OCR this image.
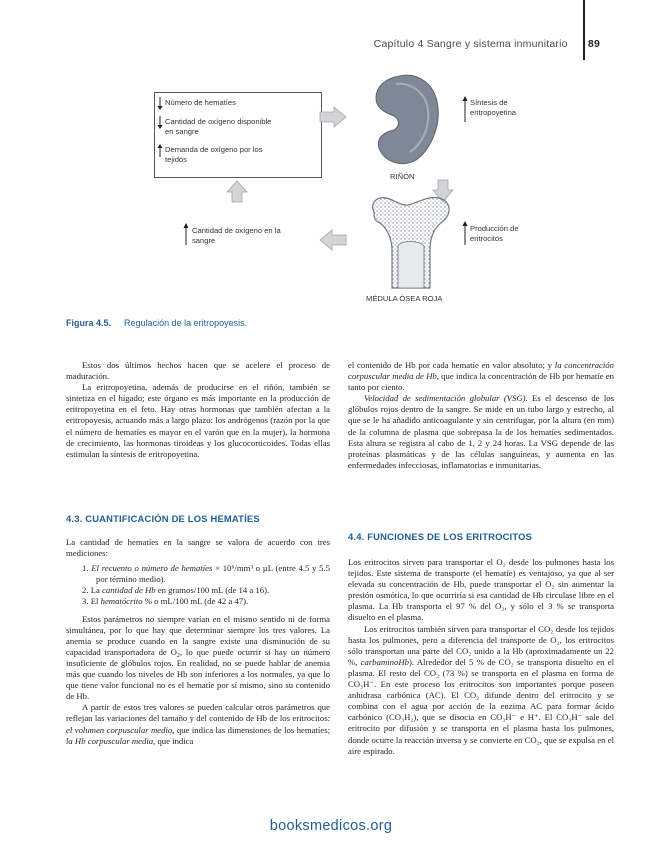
Capítulo 4 Sangre y sistema inmunitario 89
Número de hematíes
Cantidad de oxígeno disponible en sangre
Demanda de oxígeno por los tejidos
RIÑÓN
Síntesis de eritropoyetina
MÉDULA ÓSEA ROJA
Producción de eritrocitos
Cantidad de oxígeno en la sangre
Figura 4.5. Regulación de la eritropoyesis.

Estos dos últimos hechos hacen que se acelere el proceso de maduración.

La eritropoyetina, además de producirse en el riñón, también se sintetiza en el hígado; este órgano es más importante en la producción de eritropoyetina en el feto. Hay otras hormonas que también afectan a la eritropoyesis, actuando más a largo plazo: los andrógenos (razón por la que el número de hematíes es mayor en el varón que en la mujer), la hormona de crecimiento, las hormonas tiroideas y los glucocorticoides. Todas ellas estimulan la síntesis de eritropoyetina.

4.3. CUANTIFICACIÓN DE LOS HEMATÍES

La cantidad de hematíes en la sangre se valora de acuerdo con tres mediciones:

1. El recuento o número de hematíes × 10⁶/mm³ o µL (entre 4.5 y 5.5 por término medio).
2. La cantidad de Hb en gramos/100 mL (de 14 a 16).
3. El hematócrito % o mL/100 mL (de 42 a 47).

Estos parámetros no siempre varían en el mismo sentido ni de forma simultánea, por lo que hay que determinar siempre los tres valores. La anemia se produce cuando en la sangre existe una disminución de su capacidad transportadora de $O_2$, lo que puede ocurrir si hay un número insuficiente de glóbulos rojos. En realidad, no se puede hablar de anemia más que cuando los niveles de Hb son inferiores a los normales, ya que lo que tiene valor funcional no es el hematíe por sí mismo, sino su contenido de Hb.

A partir de estos tres valores se pueden calcular otros parámetros que reflejan las variaciones del tamaño y del contenido de Hb de los eritrocitos: el volumen corpuscular medio, que indica las dimensiones de los hematíes; la Hb corpuscular media, que indica

el contenido de Hb por cada hematíe en valor absoluto; y la concentración corpuscular media de Hb, que indica la concentración de Hb por hematíe en tanto por ciento.

Velocidad de sedimentación globular (VSG). Es el descenso de los glóbulos rojos dentro de la sangre. Se mide en un tubo largo y estrecho, al que se le ha añadido anticoagulante y sin centrifugar, por la altura (en mm) de la columna de plasma que sobrepasa la de los hematíes sedimentados. Esta altura se registra al cabo de 1, 2 y 24 horas. La VSG depende de las proteínas plasmáticas y de las células sanguíneas, y aumenta en las enfermedades infecciosas, inflamatorias e inmunitarias.

4.4. FUNCIONES DE LOS ERITROCITOS

Los eritrocitos sirven para transportar el O₂ desde los pulmones hasta los tejidos. Este sistema de transporte (el hematíe) es ventajoso, ya que al ser elevada su concentración de Hb, puede transportar el O₂ sin aumentar la presión osmótica, lo que ocurriría si esa cantidad de Hb circulase libre en el plasma. La Hb transporta el 97 % del O₂, y sólo el 3 % se transporta disuelto en el plasma.

Los eritrocitos también sirven para transportar el CO₂ desde los tejidos hasta los pulmones, pero a diferencia del transporte de O₂, los eritrocitos sólo transportan una parte del CO₂ unido a la Hb (aproximadamente un 22 %, carbaminoHb). Alrededor del 5 % de CO₂ se transporta disuelto en el plasma. El resto del CO₂ (73 %) se transporta en el plasma en forma de CO₃H⁻. En este proceso los eritrocitos son importantes porque poseen anhidrasa carbónica (AC). El CO₂ difunde dentro del eritrocito y se combina con el agua por acción de la enzima AC para formar ácido carbónico (CO₃H₂), que se disocia en CO₃H⁻ e H⁺. El CO₃H⁻ sale del eritrocito por difusión y se transporta en el plasma hasta los pulmones, donde ocurre la reacción inversa y se convierte en CO₂, que se expulsa en el aire espirado.

booksmedicos.org
